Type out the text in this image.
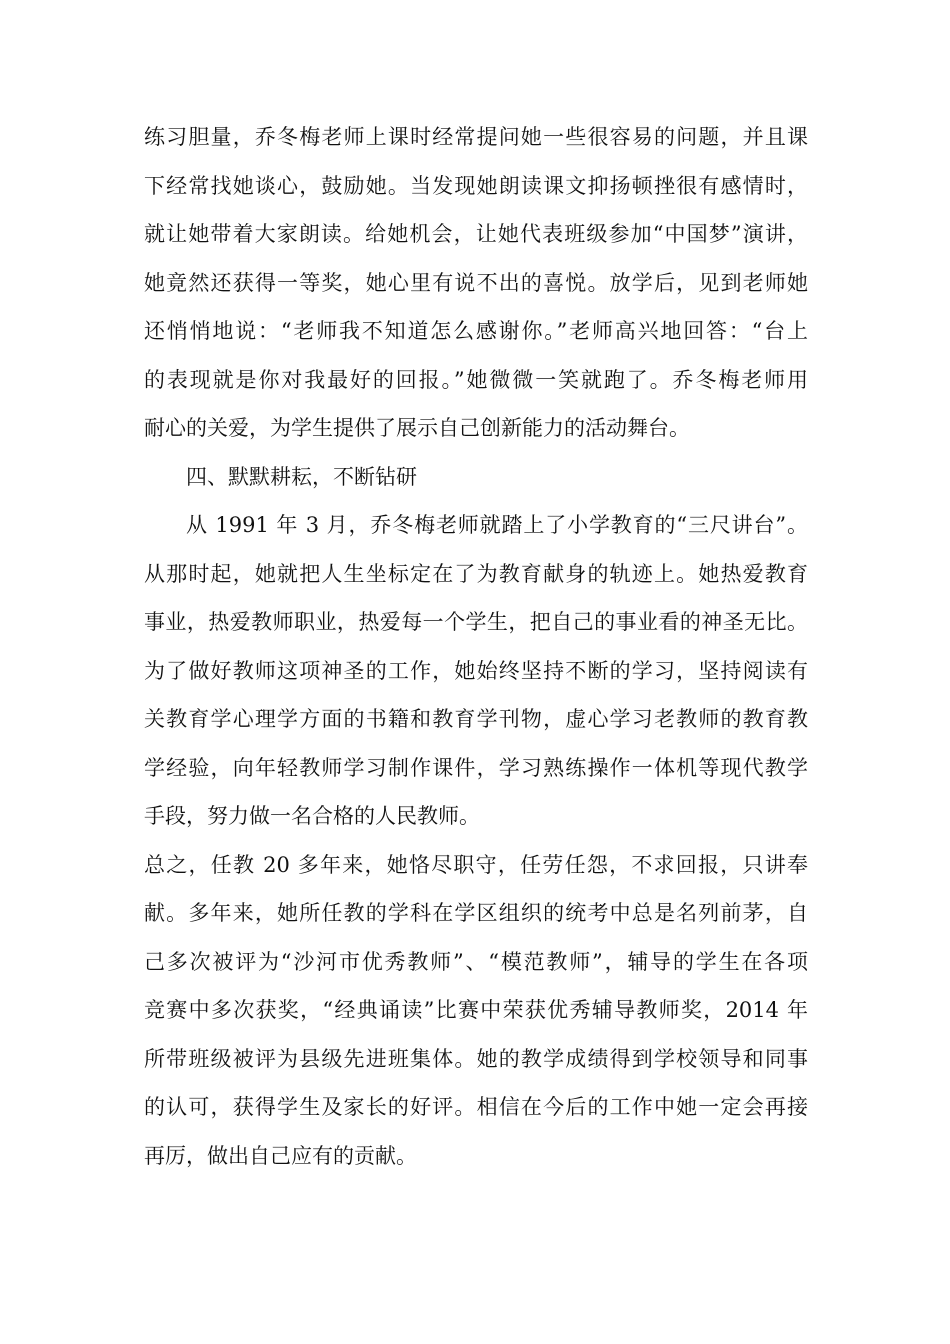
练习胆量，乔冬梅老师上课时经常提问她一些很容易的问题，并且课
下经常找她谈心，鼓励她。当发现她朗读课文抑扬顿挫很有感情时，
就让她带着大家朗读。给她机会，让她代表班级参加“中国梦”演讲，
她竟然还获得一等奖，她心里有说不出的喜悦。放学后，见到老师她
还悄悄地说：“老师我不知道怎么感谢你。”老师高兴地回答：“台上
的表现就是你对我最好的回报。”她微微一笑就跑了。乔冬梅老师用
耐心的关爱，为学生提供了展示自己创新能力的活动舞台。
四、默默耕耘，不断钻研
从 1991 年 3 月，乔冬梅老师就踏上了小学教育的“三尺讲台”。
从那时起，她就把人生坐标定在了为教育献身的轨迹上。她热爱教育
事业，热爱教师职业，热爱每一个学生，把自己的事业看的神圣无比。
为了做好教师这项神圣的工作，她始终坚持不断的学习，坚持阅读有
关教育学心理学方面的书籍和教育学刊物，虚心学习老教师的教育教
学经验，向年轻教师学习制作课件，学习熟练操作一体机等现代教学
手段，努力做一名合格的人民教师。
总之，任教 20 多年来，她恪尽职守，任劳任怨，不求回报，只讲奉
献。多年来，她所任教的学科在学区组织的统考中总是名列前茅，自
己多次被评为“沙河市优秀教师”、“模范教师”，辅导的学生在各项
竞赛中多次获奖，“经典诵读”比赛中荣获优秀辅导教师奖，2014 年
所带班级被评为县级先进班集体。她的教学成绩得到学校领导和同事
的认可，获得学生及家长的好评。相信在今后的工作中她一定会再接
再厉，做出自己应有的贡献。
